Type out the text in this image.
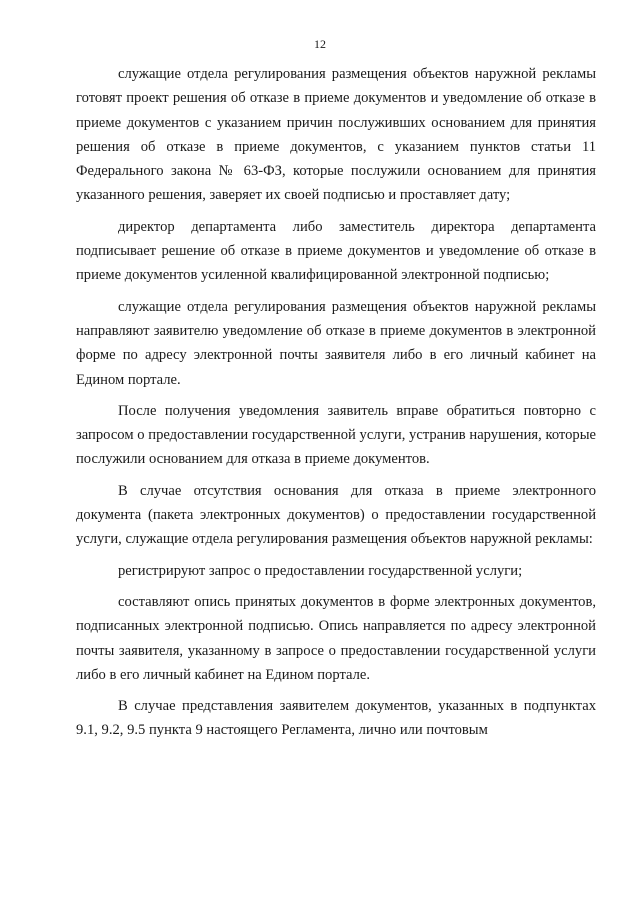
12

служащие отдела регулирования размещения объектов наружной рекламы готовят проект решения об отказе в приеме документов и уведомление об отказе в приеме документов с указанием причин послуживших основанием для принятия решения об отказе в приеме документов, с указанием пунктов статьи 11 Федерального закона № 63-ФЗ, которые послужили основанием для принятия указанного решения, заверяет их своей подписью и проставляет дату;

директор департамента либо заместитель директора департамента подписывает решение об отказе в приеме документов и уведомление об отказе в приеме документов усиленной квалифицированной электронной подписью;

служащие отдела регулирования размещения объектов наружной рекламы направляют заявителю уведомление об отказе в приеме документов в электронной форме по адресу электронной почты заявителя либо в его личный кабинет на Едином портале.

После получения уведомления заявитель вправе обратиться повторно с запросом о предоставлении государственной услуги, устранив нарушения, которые послужили основанием для отказа в приеме документов.

В случае отсутствия основания для отказа в приеме электронного документа (пакета электронных документов) о предоставлении государственной услуги, служащие отдела регулирования размещения объектов наружной рекламы:

регистрируют запрос о предоставлении государственной услуги;

составляют опись принятых документов в форме электронных документов, подписанных электронной подписью. Опись направляется по адресу электронной почты заявителя, указанному в запросе о предоставлении государственной услуги либо в его личный кабинет на Едином портале.

В случае представления заявителем документов, указанных в подпунктах 9.1, 9.2, 9.5 пункта 9 настоящего Регламента, лично или почтовым
